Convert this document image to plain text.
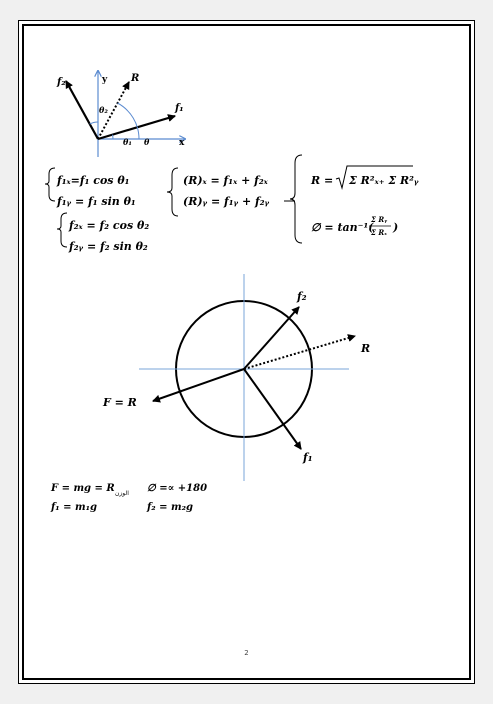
f₂	y R
θ₂	f₁
θ₁ θ	x
f₁ₓ=f₁ cos θ₁
f₁ᵧ = f₁ sin θ₁
f₂ₓ = f₂ cos θ₂
f₂ᵧ = f₂ sin θ₂
(R)ₓ = f₁ₓ + f₂ₓ
(R)ᵧ = f₁ᵧ + f₂ᵧ
R = Σ R²ₓ₊ Σ R²ᵧ
∅ = tan⁻¹(
Σ Rᵧ
Σ Rₓ )
f₂
R
F = R
f₁
F = mg = R الوزن ∅ =∝ +180
f₁ = m₁g	f₂ = m₂g
2
